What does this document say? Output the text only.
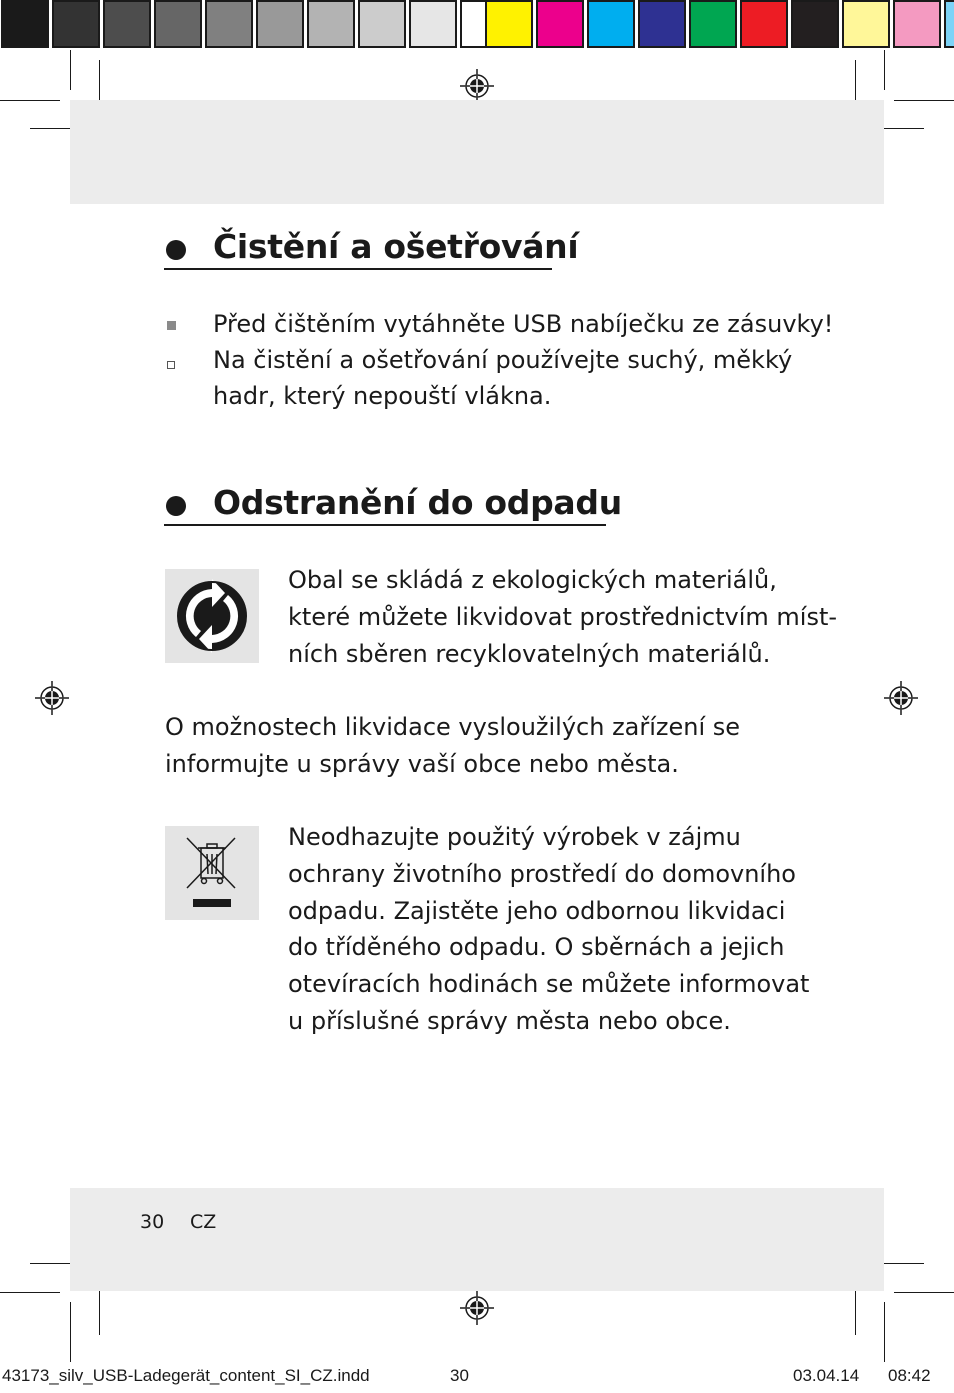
Čistění a ošetřování

Před čištěním vytáhněte USB nabíječku ze zásuvky!

Na čistění a ošetřování používejte suchý, měkký

hadr, který nepouští vlákna.

Odstranění do odpadu

Obal se skládá z ekologických materiálů,

které můžete likvidovat prostřednictvím míst-

ních sběren recyklovatelných materiálů.

O možnostech likvidace vysloužilých zařízení se

informujte u správy vaší obce nebo města.

Neodhazujte použitý výrobek v zájmu

ochrany životního prostředí do domovního

odpadu. Zajistěte jeho odbornou likvidaci

do tříděného odpadu. O sběrnách a jejich

otevíracích hodinách se můžete informovat

u příslušné správy města nebo obce.

30 CZ
43173_silv_USB-Ladegerät_content_SI_CZ.indd	30	03.04.14 08:42
